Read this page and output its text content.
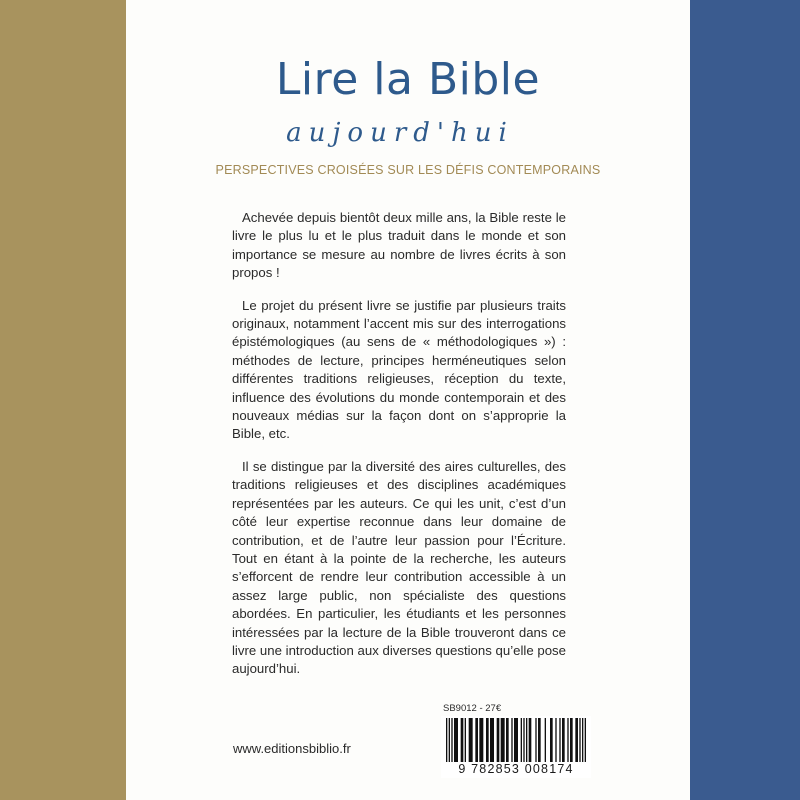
Lire la Bible
aujourd'hui
PERSPECTIVES CROISÉES SUR LES DÉFIS CONTEMPORAINS

Achevée depuis bientôt deux mille ans, la Bible reste le livre le plus lu et le plus traduit dans le monde et son importance se mesure au nombre de livres écrits à son propos !

Le projet du présent livre se justifie par plusieurs traits originaux, notamment l’accent mis sur des interrogations épistémologiques (au sens de « méthodologiques ») : méthodes de lecture, principes herméneutiques selon différentes traditions religieuses, réception du texte, influence des évolutions du monde contemporain et des nouveaux médias sur la façon dont on s’approprie la Bible, etc.

Il se distingue par la diversité des aires culturelles, des traditions religieuses et des disciplines académiques représentées par les auteurs. Ce qui les unit, c’est d’un côté leur expertise reconnue dans leur domaine de contribution, et de l’autre leur passion pour l’Écriture. Tout en étant à la pointe de la recherche, les auteurs s’efforcent de rendre leur contribution accessible à un assez large public, non spécialiste des questions abordées. En particulier, les étudiants et les personnes intéressées par la lecture de la Bible trouveront dans ce livre une introduction aux diverses questions qu’elle pose aujourd’hui.

www.editionsbiblio.fr
SB9012 - 27€
9 782853 008174
